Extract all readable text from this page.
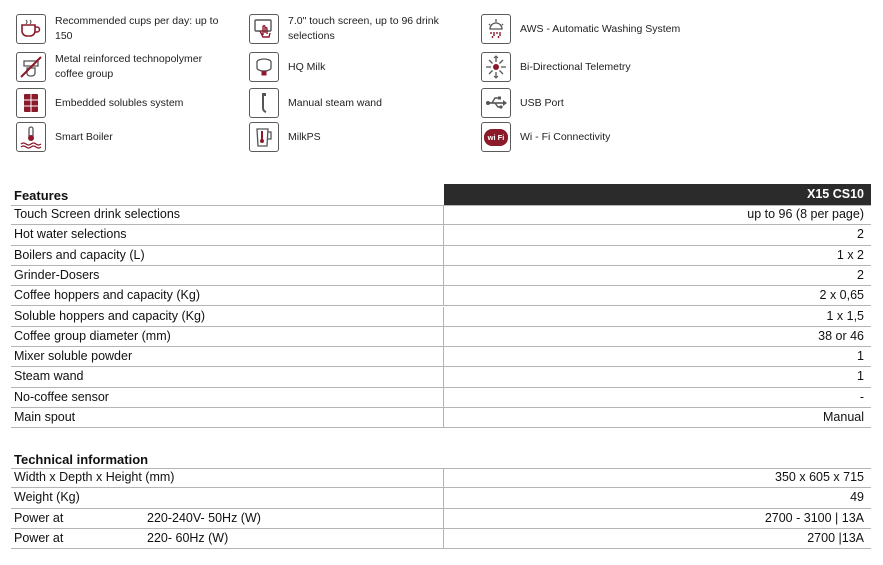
Recommended cups per day: up to 150
7.0" touch screen, up to 96 drink selections
AWS - Automatic Washing System
Metal reinforced technopolymer coffee group
HQ Milk	Bi-Directional Telemetry
Embedded solubles system	Manual steam wand	USB Port
Smart Boiler	MilkPS	wi Fi	Wi - Fi Connectivity
Features	X15 CS10
Touch Screen drink selections	up to 96 (8 per page)
Hot water selections	2
Boilers and capacity (L)	1 x 2
Grinder-Dosers	2
Coffee hoppers and capacity (Kg)	2 x 0,65
Soluble hoppers and capacity (Kg)	1 x 1,5
Coffee group diameter (mm)	38 or 46
Mixer soluble powder	1
Steam wand	1
No-coffee sensor	-
Main spout	Manual
Technical information
Width x Depth x Height (mm)	350 x 605 x 715
Weight (Kg)	49
Power at	220-240V- 50Hz (W)	2700 - 3100 | 13A
Power at	220- 60Hz (W)	2700 |13A
